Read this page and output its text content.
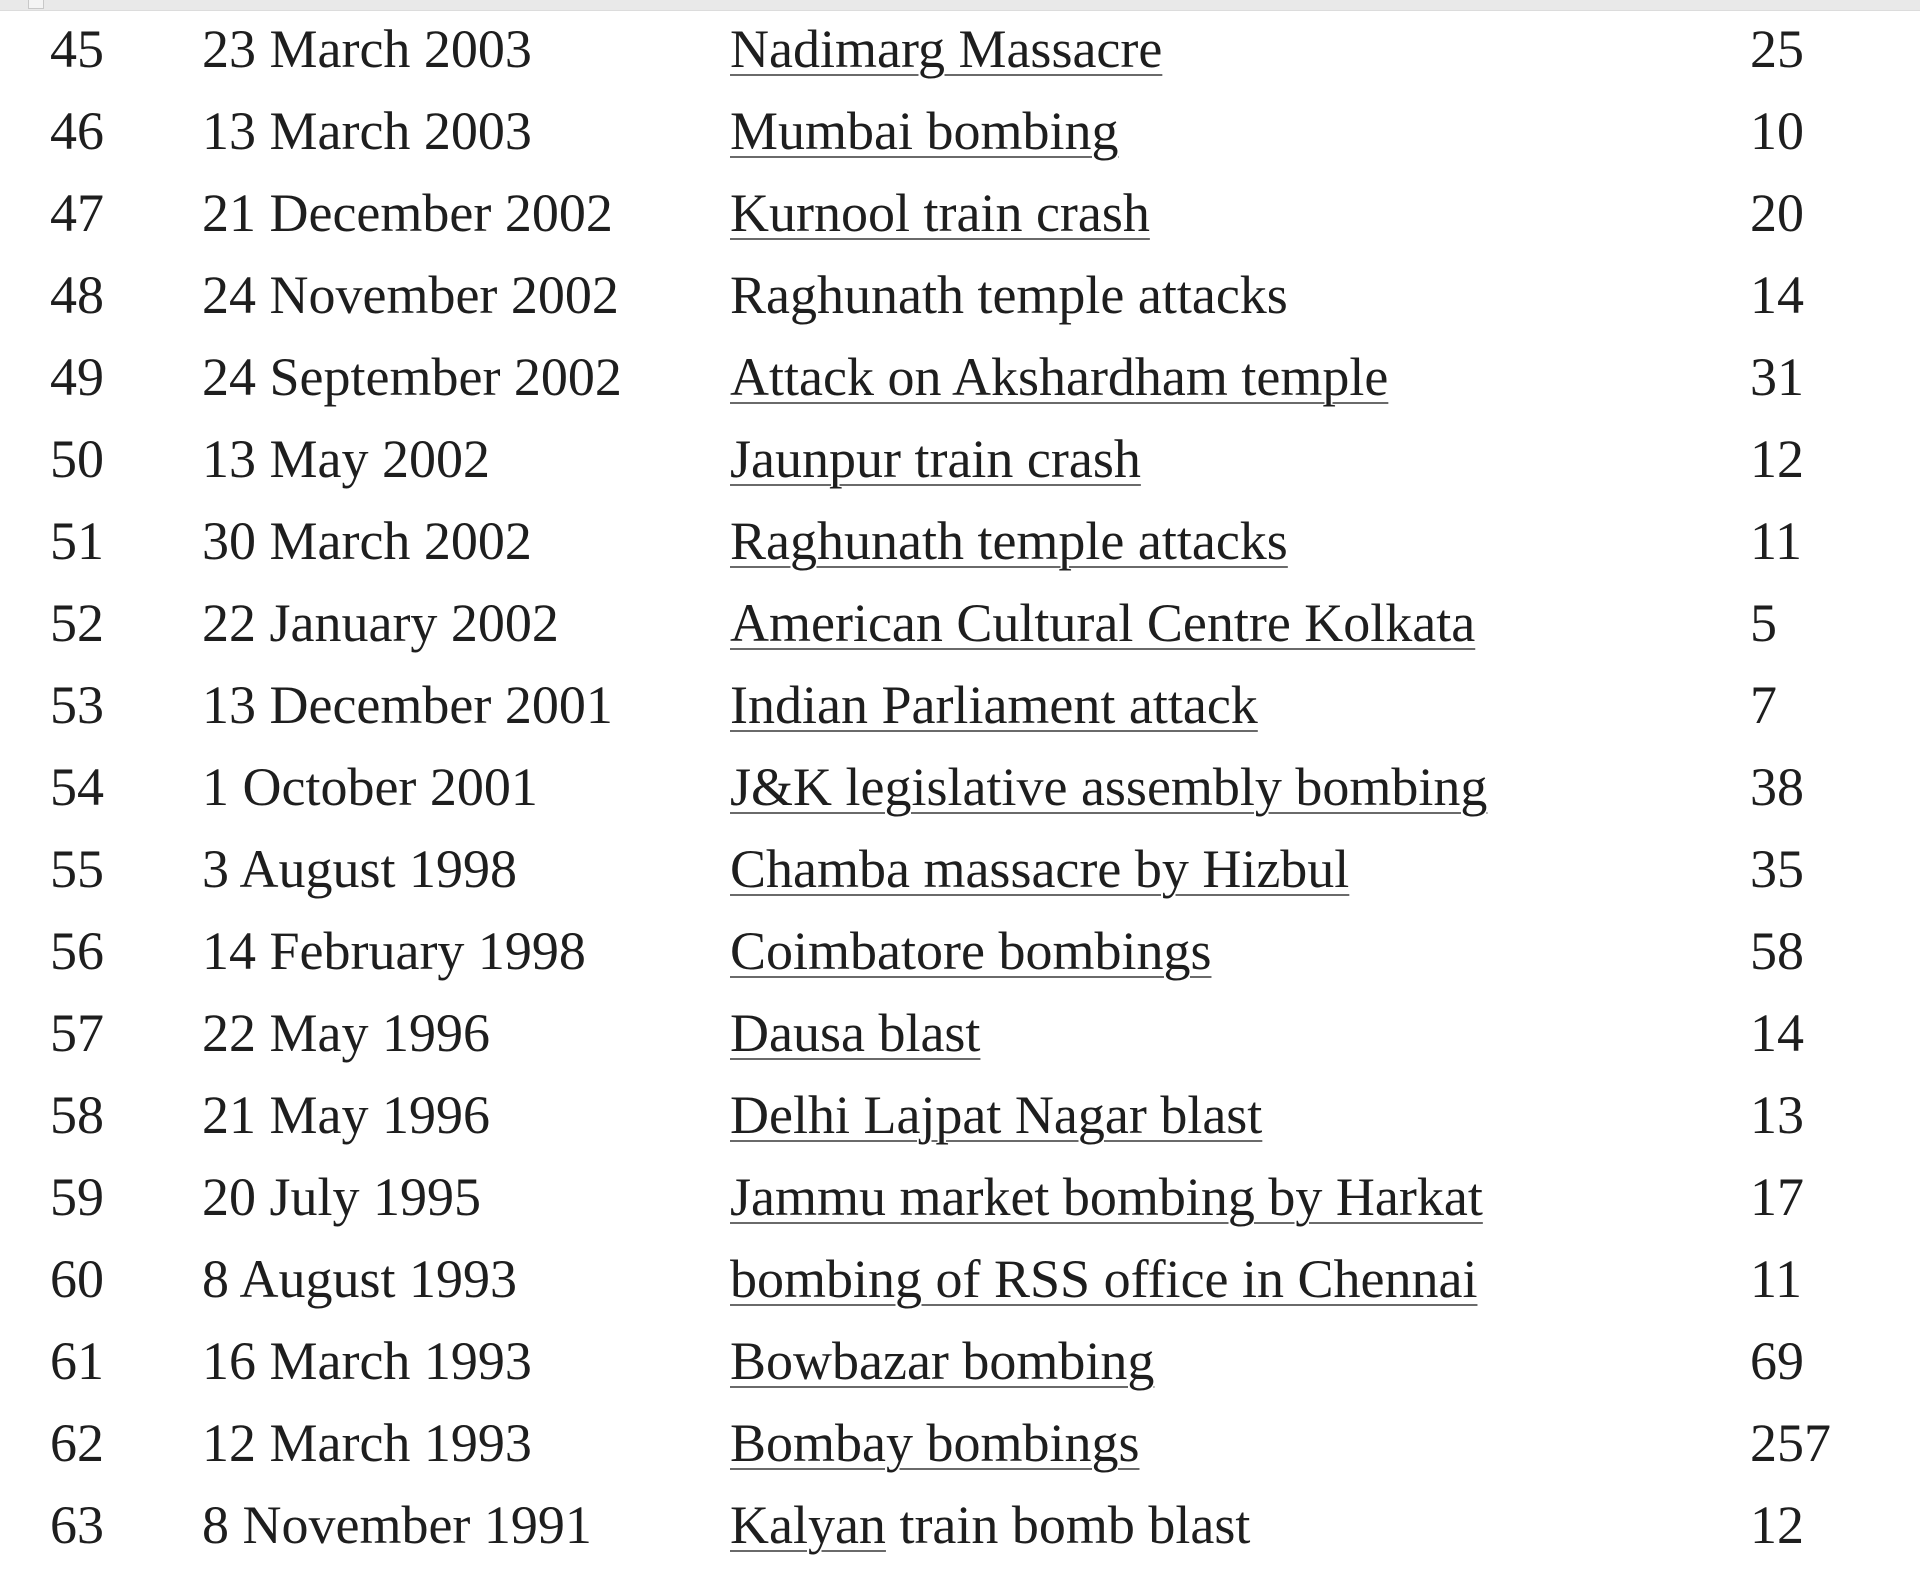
45	23 March 2003	Nadimarg Massacre	25
46	13 March 2003	Mumbai bombing	10
47	21 December 2002	Kurnool train crash	20
48	24 November 2002	Raghunath temple attacks	14
49	24 September 2002	Attack on Akshardham temple	31
50	13 May 2002	Jaunpur train crash	12
51	30 March 2002	Raghunath temple attacks	11
52	22 January 2002	American Cultural Centre Kolkata	5
53	13 December 2001	Indian Parliament attack	7
54	1 October 2001	J&K legislative assembly bombing	38
55	3 August 1998	Chamba massacre by Hizbul	35
56	14 February 1998	Coimbatore bombings	58
57	22 May 1996	Dausa blast	14
58	21 May 1996	Delhi Lajpat Nagar blast	13
59	20 July 1995	Jammu market bombing by Harkat	17
60	8 August 1993	bombing of RSS office in Chennai	11
61	16 March 1993	Bowbazar bombing	69
62	12 March 1993	Bombay bombings	257
63	8 November 1991	Kalyan train bomb blast	12
